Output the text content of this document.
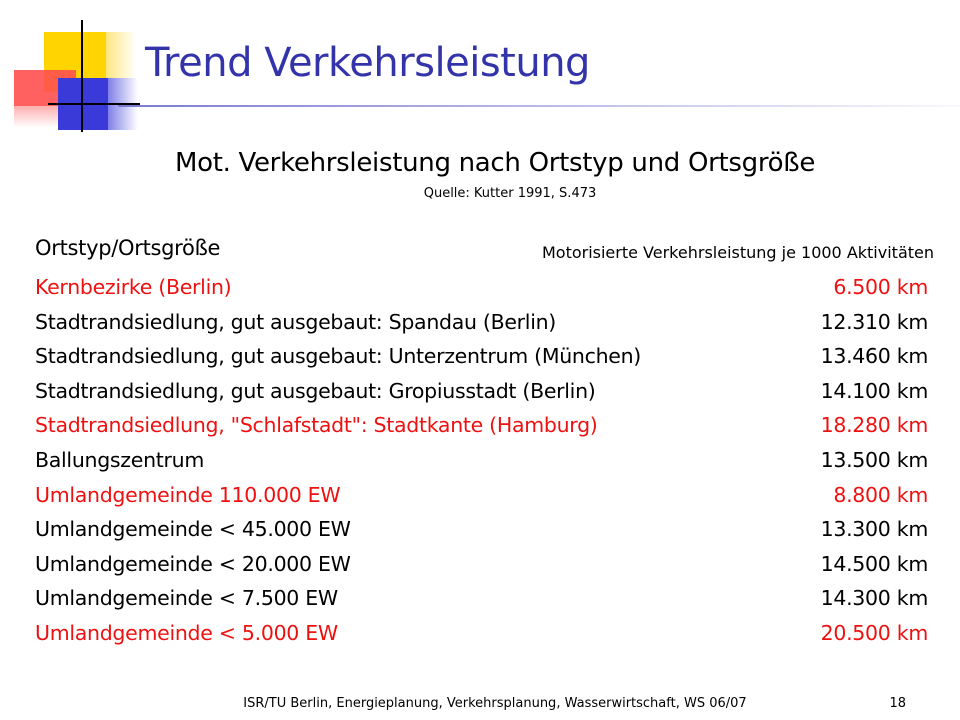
Trend Verkehrsleistung
Mot. Verkehrsleistung nach Ortstyp und Ortsgröße
Quelle: Kutter 1991, S.473
Ortstyp/Ortsgröße	Motorisierte Verkehrsleistung je 1000 Aktivitäten
Kernbezirke (Berlin)	6.500 km
Stadtrandsiedlung, gut ausgebaut: Spandau (Berlin)	12.310 km
Stadtrandsiedlung, gut ausgebaut: Unterzentrum (München)	13.460 km
Stadtrandsiedlung, gut ausgebaut: Gropiusstadt (Berlin)	14.100 km
Stadtrandsiedlung, "Schlafstadt": Stadtkante (Hamburg)	18.280 km
Ballungszentrum	13.500 km
Umlandgemeinde 110.000 EW	8.800 km
Umlandgemeinde < 45.000 EW	13.300 km
Umlandgemeinde < 20.000 EW	14.500 km
Umlandgemeinde < 7.500 EW	14.300 km
Umlandgemeinde < 5.000 EW	20.500 km
ISR/TU Berlin, Energieplanung, Verkehrsplanung, Wasserwirtschaft, WS 06/07	18
